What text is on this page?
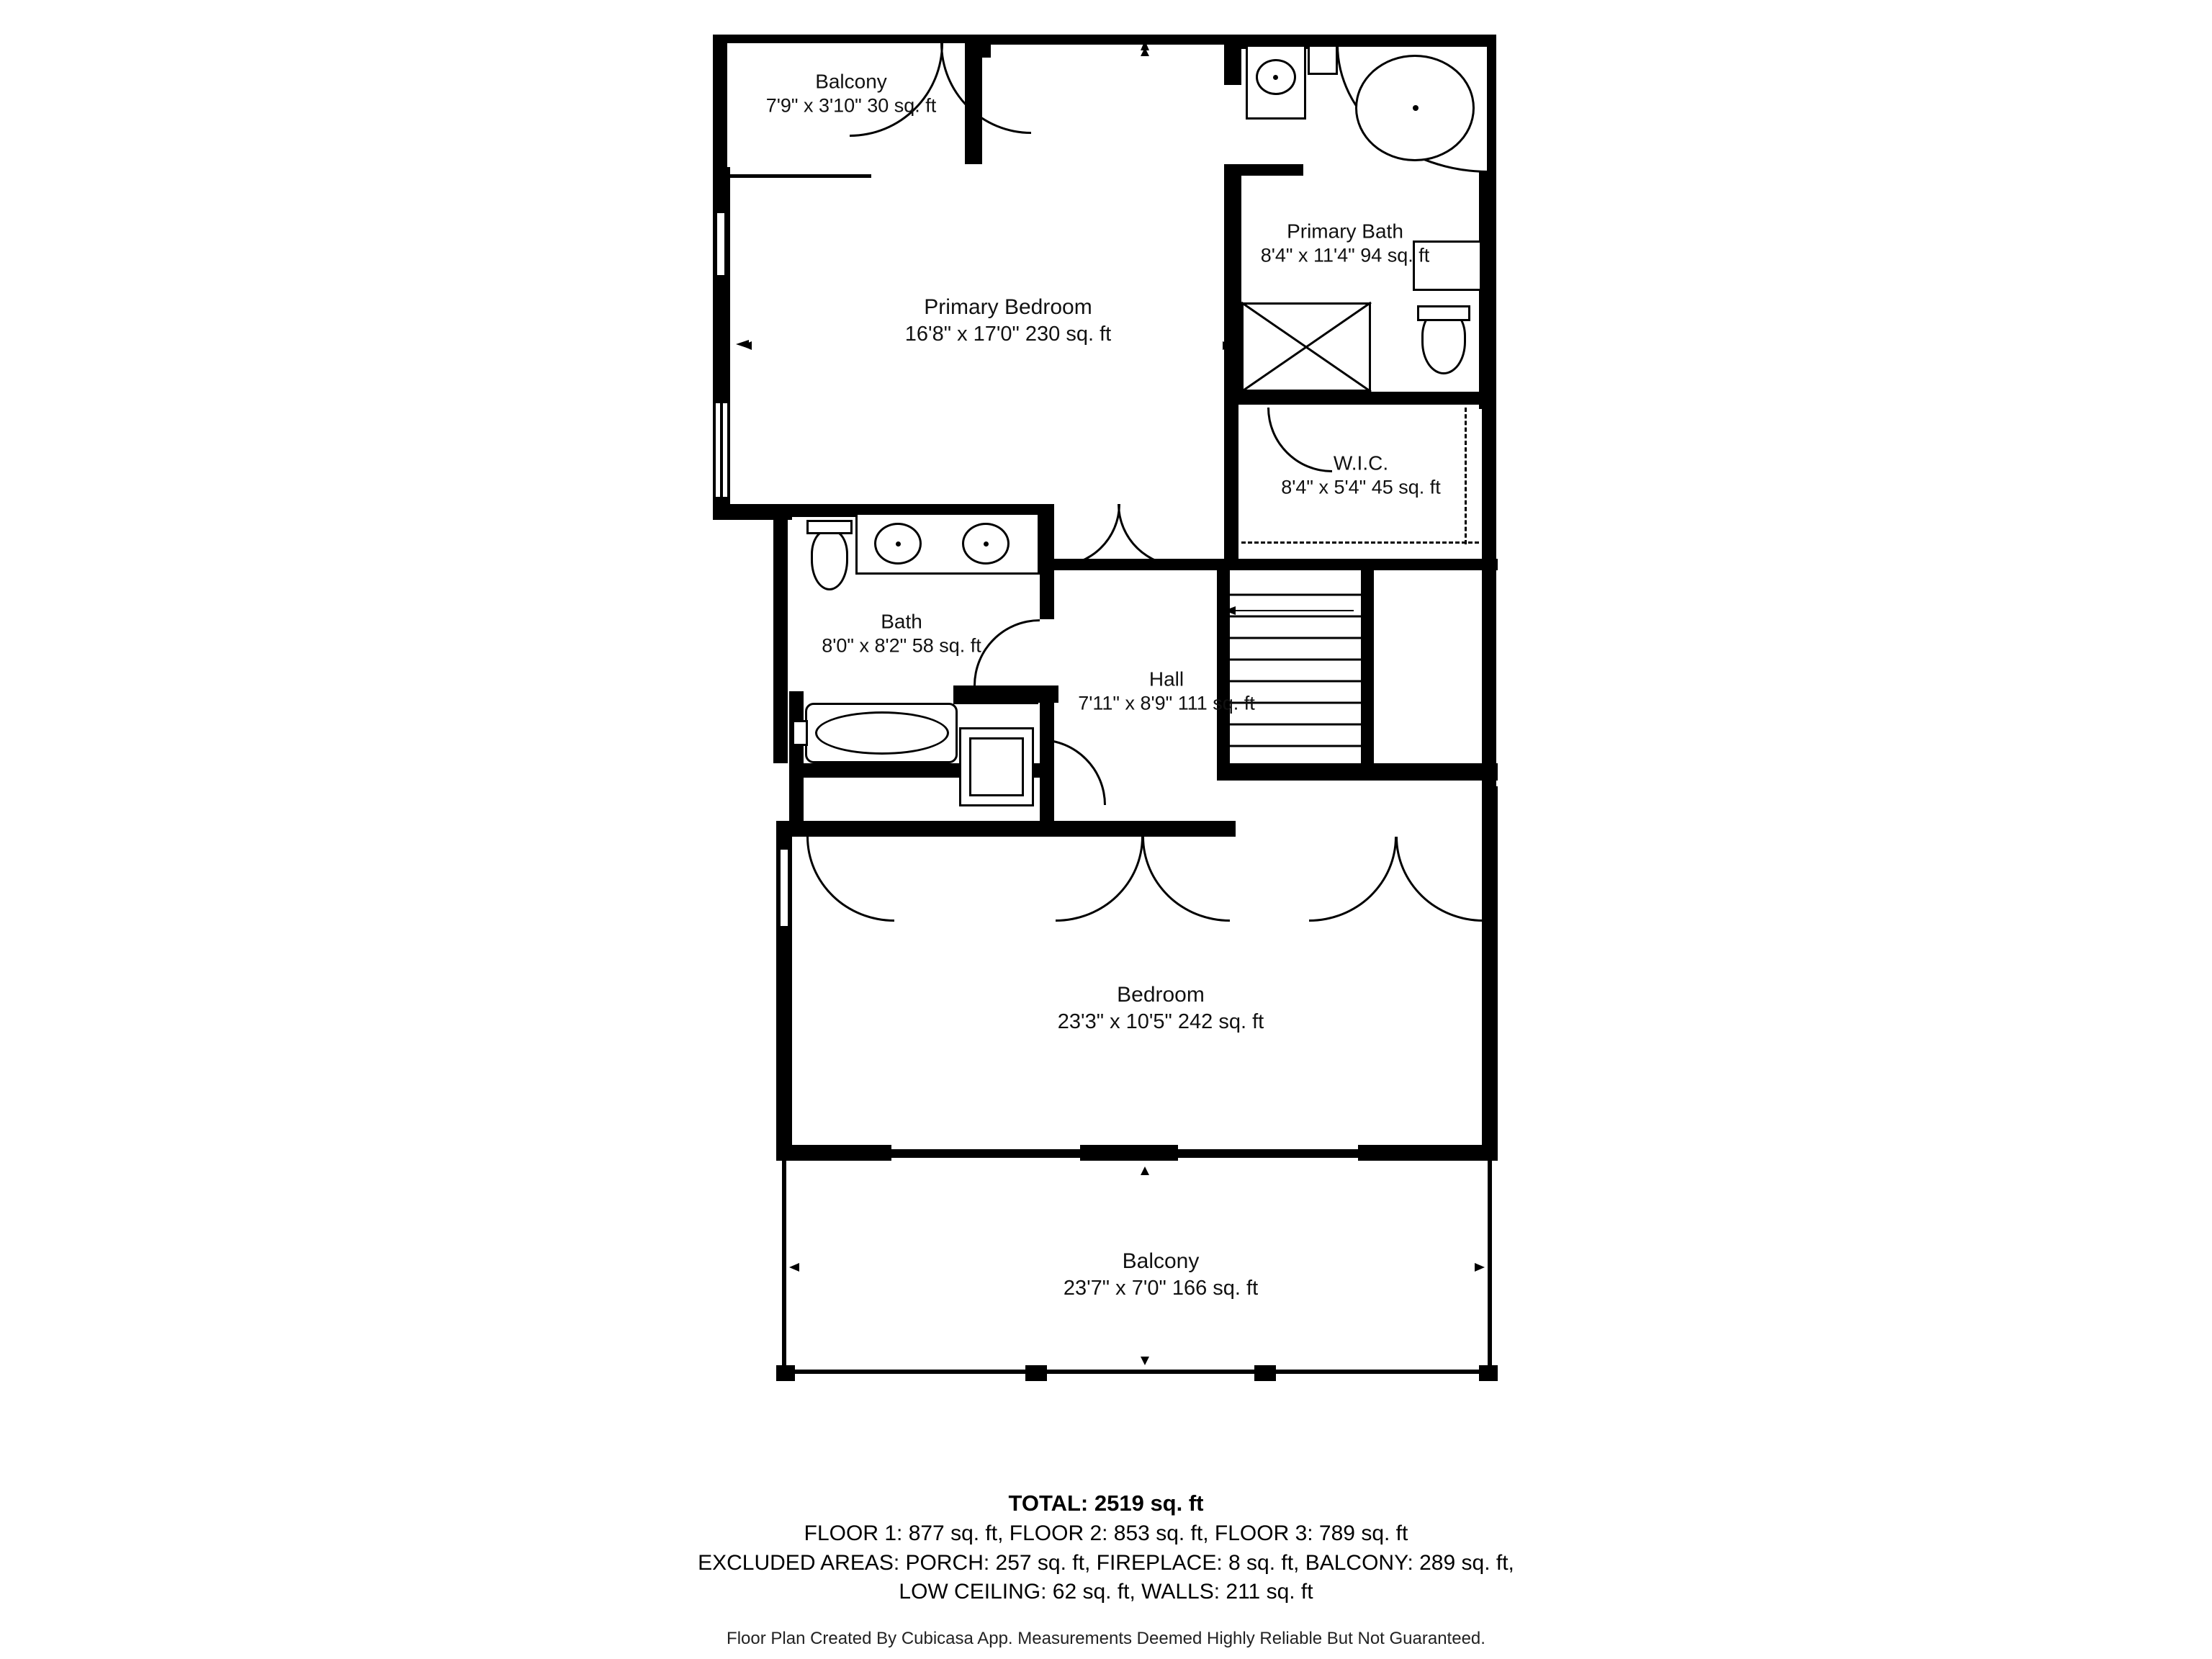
Balcony
7'9" x 3'10" 30 sq. ft
Primary Bedroom
16'8" x 17'0" 230 sq. ft
Primary Bath
8'4" x 11'4" 94 sq. ft
W.I.C.
8'4" x 5'4" 45 sq. ft
Bath
8'0" x 8'2" 58 sq. ft
Hall
7'11" x 8'9" 111 sq. ft
Bedroom
23'3" x 10'5" 242 sq. ft
Balcony
23'7" x 7'0" 166 sq. ft
TOTAL: 2519 sq. ft
FLOOR 1: 877 sq. ft, FLOOR 2: 853 sq. ft, FLOOR 3: 789 sq. ft
EXCLUDED AREAS: PORCH: 257 sq. ft, FIREPLACE: 8 sq. ft, BALCONY: 289 sq. ft,
LOW CEILING: 62 sq. ft, WALLS: 211 sq. ft
Floor Plan Created By Cubicasa App. Measurements Deemed Highly Reliable But Not Guaranteed.
